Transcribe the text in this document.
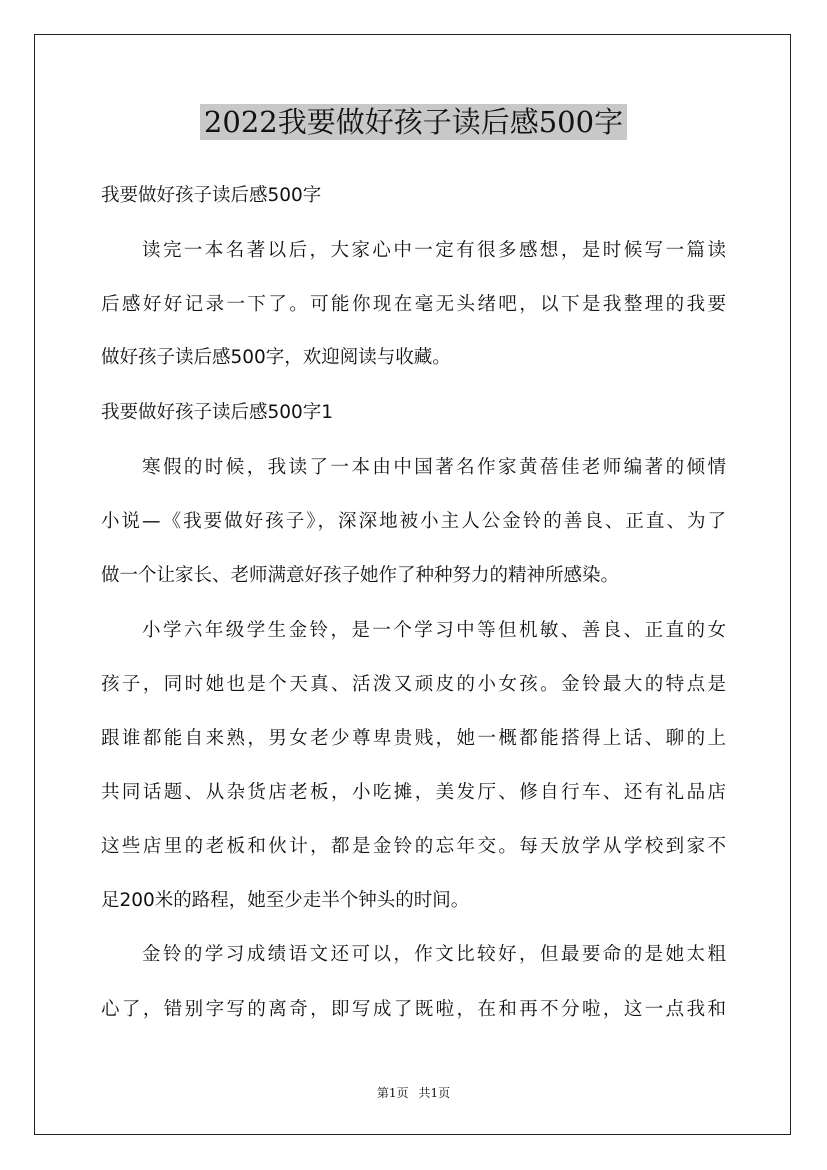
2022我要做好孩子读后感500字

我要做好孩子读后感500字

读完一本名著以后，大家心中一定有很多感想，是时候写一篇读

后感好好记录一下了。可能你现在毫无头绪吧，以下是我整理的我要

做好孩子读后感500字，欢迎阅读与收藏。

我要做好孩子读后感500字1

寒假的时候，我读了一本由中国著名作家黄蓓佳老师编著的倾情

小说—《我要做好孩子》，深深地被小主人公金铃的善良、正直、为了

做一个让家长、老师满意好孩子她作了种种努力的精神所感染。

小学六年级学生金铃，是一个学习中等但机敏、善良、正直的女

孩子，同时她也是个天真、活泼又顽皮的小女孩。金铃最大的特点是

跟谁都能自来熟，男女老少尊卑贵贱，她一概都能搭得上话、聊的上

共同话题、从杂货店老板，小吃摊，美发厅、修自行车、还有礼品店

这些店里的老板和伙计，都是金铃的忘年交。每天放学从学校到家不

足200米的路程，她至少走半个钟头的时间。

金铃的学习成绩语文还可以，作文比较好，但最要命的是她太粗

心了，错别字写的离奇，即写成了既啦，在和再不分啦，这一点我和

第1页 共1页
